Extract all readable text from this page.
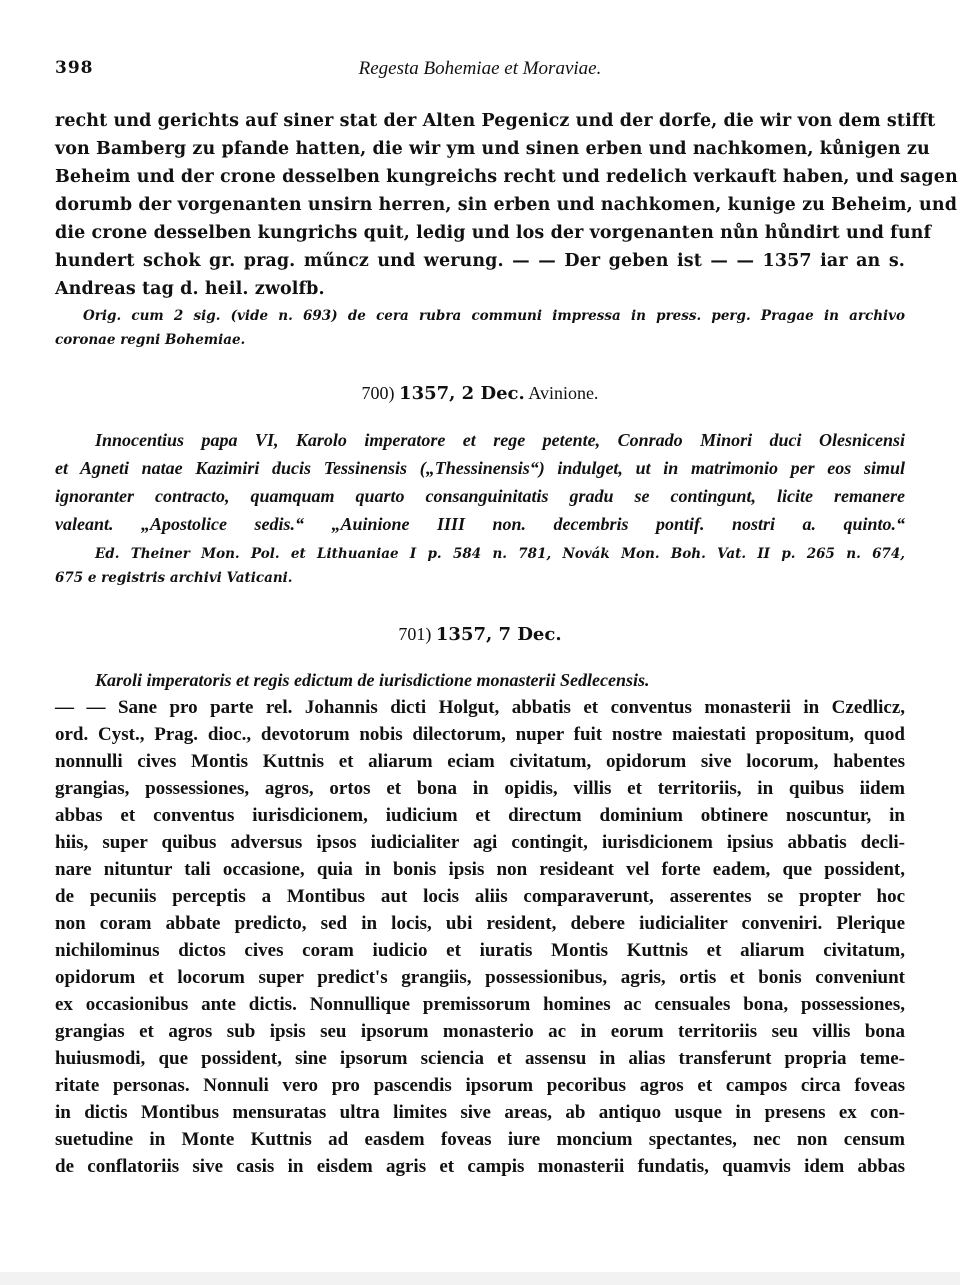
398	Regesta Bohemiae et Moraviae.
recht und gerichts auf siner stat der Alten Pegenicz und der dorfe, die wir von dem stifft
von Bamberg zu pfande hatten, die wir ym und sinen erben und nachkomen, kůnigen zu
Beheim und der crone desselben kungreichs recht und redelich verkauft haben, und sagen
dorumb der vorgenanten unsirn herren, sin erben und nachkomen, kunige zu Beheim, und
die crone desselben kungrichs quit, ledig und los der vorgenanten nůn hůndirt und funf
hundert schok gr. prag. műncz und werung. — — Der geben ist — — 1357 iar an s.
Andreas tag d. heil. zwolfb.
Orig. cum 2 sig. (vide n. 693) de cera rubra communi impressa in press. perg. Pragae in archivo
coronae regni Bohemiae.
700) 1357, 2 Dec. Avinione.
Innocentius papa VI, Karolo imperatore et rege petente, Conrado Minori duci Olesnicensi
et Agneti natae Kazimiri ducis Tessinensis („Thessinensis“) indulget, ut in matrimonio per eos simul
ignoranter contracto, quamquam quarto consanguinitatis gradu se contingunt, licite remanere
valeant. „Apostolice sedis.“ „Auinione IIII non. decembris pontif. nostri a. quinto.“
Ed. Theiner Mon. Pol. et Lithuaniae I p. 584 n. 781, Novák Mon. Boh. Vat. II p. 265 n. 674,
675 e registris archivi Vaticani.
701) 1357, 7 Dec.
Karoli imperatoris et regis edictum de iurisdictione monasterii Sedlecensis.
— — Sane pro parte rel. Johannis dicti Holgut, abbatis et conventus monasterii in Czedlicz,
ord. Cyst., Prag. dioc., devotorum nobis dilectorum, nuper fuit nostre maiestati propositum, quod
nonnulli cives Montis Kuttnis et aliarum eciam civitatum, opidorum sive locorum, habentes
grangias, possessiones, agros, ortos et bona in opidis, villis et territoriis, in quibus iidem
abbas et conventus iurisdicionem, iudicium et directum dominium obtinere noscuntur, in
hiis, super quibus adversus ipsos iudicialiter agi contingit, iurisdicionem ipsius abbatis decli-
nare nituntur tali occasione, quia in bonis ipsis non resideant vel forte eadem, que possident,
de pecuniis perceptis a Montibus aut locis aliis comparaverunt, asserentes se propter hoc
non coram abbate predicto, sed in locis, ubi resident, debere iudicialiter conveniri. Plerique
nichilominus dictos cives coram iudicio et iuratis Montis Kuttnis et aliarum civitatum,
opidorum et locorum super predict's grangiis, possessionibus, agris, ortis et bonis conveniunt
ex occasionibus ante dictis. Nonnullique premissorum homines ac censuales bona, possessiones,
grangias et agros sub ipsis seu ipsorum monasterio ac in eorum territoriis seu villis bona
huiusmodi, que possident, sine ipsorum sciencia et assensu in alias transferunt propria teme-
ritate personas. Nonnuli vero pro pascendis ipsorum pecoribus agros et campos circa foveas
in dictis Montibus mensuratas ultra limites sive areas, ab antiquo usque in presens ex con-
suetudine in Monte Kuttnis ad easdem foveas iure moncium spectantes, nec non censum
de conflatoriis sive casis in eisdem agris et campis monasterii fundatis, quamvis idem abbas
